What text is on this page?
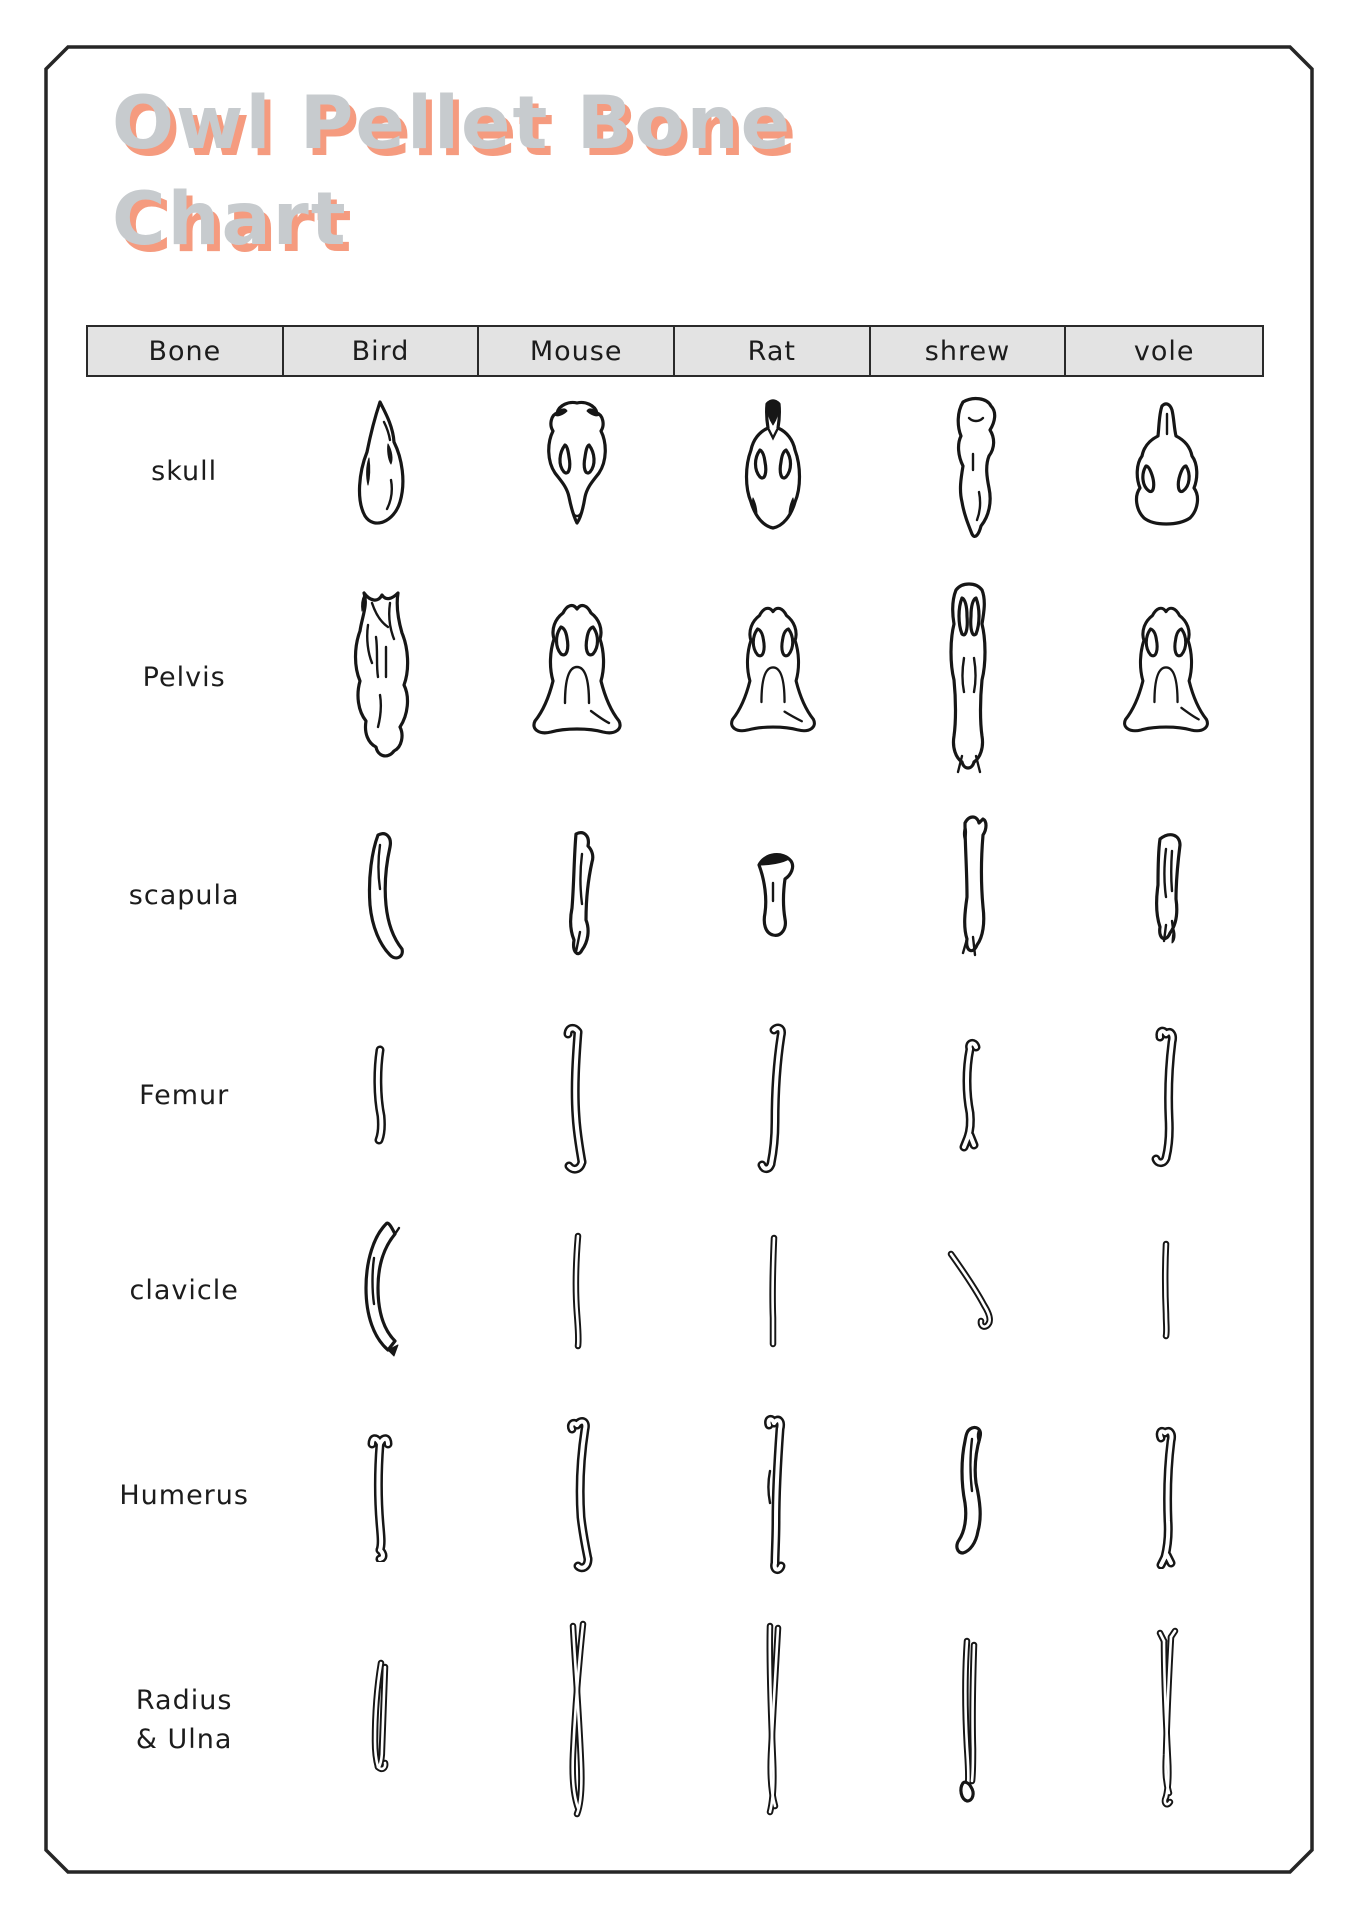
Owl Pellet Bone
Chart
Bone	Bird	Mouse	Rat	shrew	vole
skull
Pelvis
scapula
Femur
clavicle
Humerus
Radius
& Ulna
